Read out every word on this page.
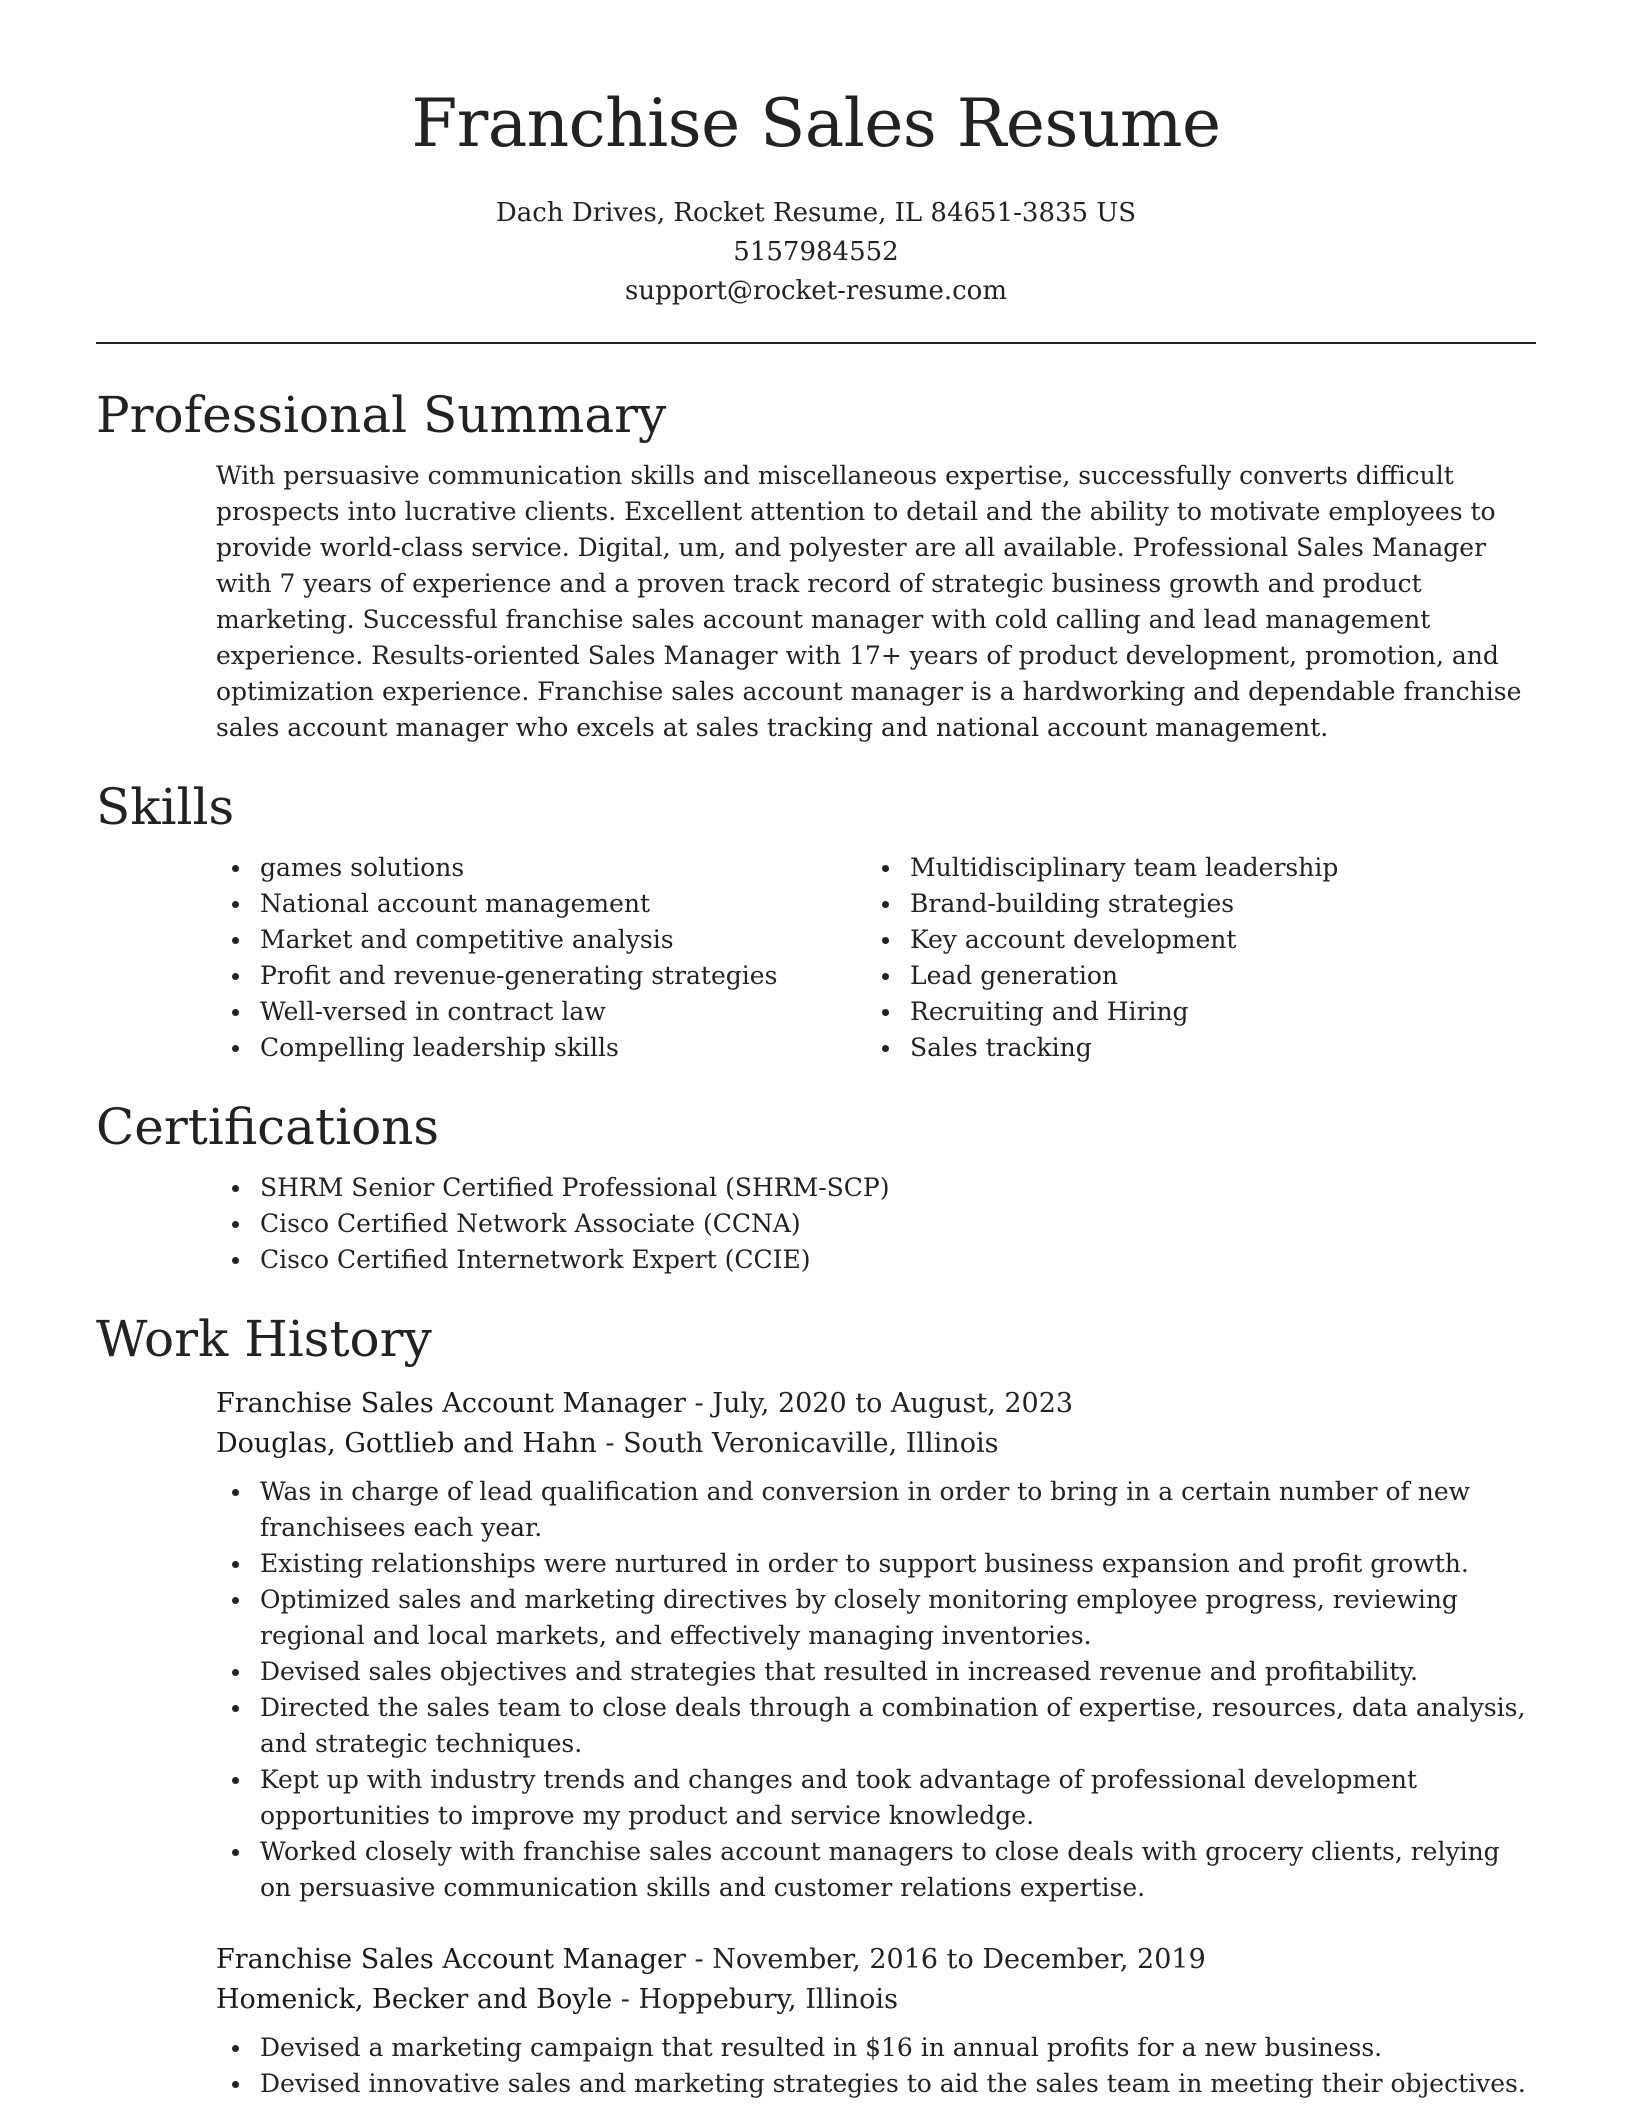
Franchise Sales Resume
Dach Drives, Rocket Resume, IL 84651-3835 US
5157984552
support@rocket-resume.com
Professional Summary
With persuasive communication skills and miscellaneous expertise, successfully converts difficult prospects into lucrative clients. Excellent attention to detail and the ability to motivate employees to provide world-class service. Digital, um, and polyester are all available. Professional Sales Manager with 7 years of experience and a proven track record of strategic business growth and product marketing. Successful franchise sales account manager with cold calling and lead management experience. Results-oriented Sales Manager with 17+ years of product development, promotion, and optimization experience. Franchise sales account manager is a hardworking and dependable franchise sales account manager who excels at sales tracking and national account management.
Skills
games solutions
National account management
Market and competitive analysis
Profit and revenue-generating strategies
Well-versed in contract law
Compelling leadership skills
Multidisciplinary team leadership
Brand-building strategies
Key account development
Lead generation
Recruiting and Hiring
Sales tracking
Certifications
SHRM Senior Certified Professional (SHRM-SCP)
Cisco Certified Network Associate (CCNA)
Cisco Certified Internetwork Expert (CCIE)
Work History
Franchise Sales Account Manager - July, 2020 to August, 2023
Douglas, Gottlieb and Hahn - South Veronicaville, Illinois
Was in charge of lead qualification and conversion in order to bring in a certain number of new franchisees each year.
Existing relationships were nurtured in order to support business expansion and profit growth.
Optimized sales and marketing directives by closely monitoring employee progress, reviewing regional and local markets, and effectively managing inventories.
Devised sales objectives and strategies that resulted in increased revenue and profitability.
Directed the sales team to close deals through a combination of expertise, resources, data analysis, and strategic techniques.
Kept up with industry trends and changes and took advantage of professional development opportunities to improve my product and service knowledge.
Worked closely with franchise sales account managers to close deals with grocery clients, relying on persuasive communication skills and customer relations expertise.
Franchise Sales Account Manager - November, 2016 to December, 2019
Homenick, Becker and Boyle - Hoppebury, Illinois
Devised a marketing campaign that resulted in $16 in annual profits for a new business.
Devised innovative sales and marketing strategies to aid the sales team in meeting their objectives.
